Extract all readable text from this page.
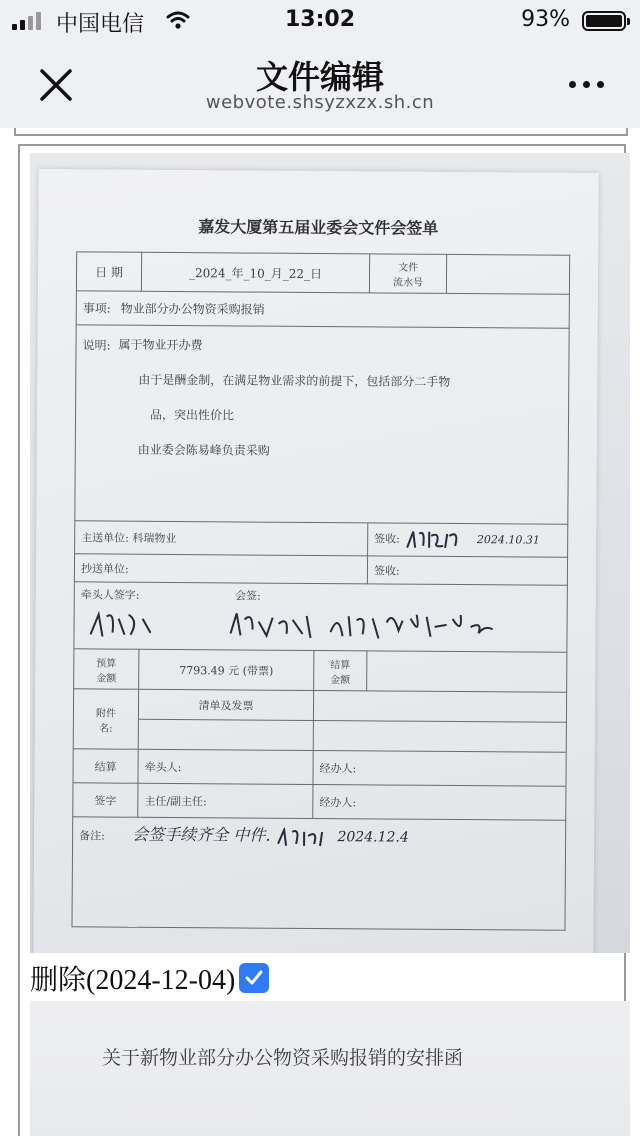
中国电信	13:02	93%
文件编辑
webvote.shsyzxzx.sh.cn
嘉发大厦第五届业委会文件会签单
日 期	_2024_年_10_月_22_日		文件
流水号	
事项: 物业部分办公物资采购报销				

说明: 属于物业开办费

由于是酬金制，在满足物业需求的前提下，包括部分二手物

品，突出性价比

由业委会陈易峰负责采购				

主送单位: 科瑞物业			签收: 2024.10.31	
抄送单位:			签收:	
牵头人签字: 会签:				

预算
金额	7793.49 元 (带票)	结算
金额		
附件
名:	清单及发票			

结算	牵头人:	经办人:		
签字	主任/副主任:	经办人:		
备注: 会签手续齐全 中件. 2024.12.4				
删除(2024-12-04)
关于新物业部分办公物资采购报销的安排函
